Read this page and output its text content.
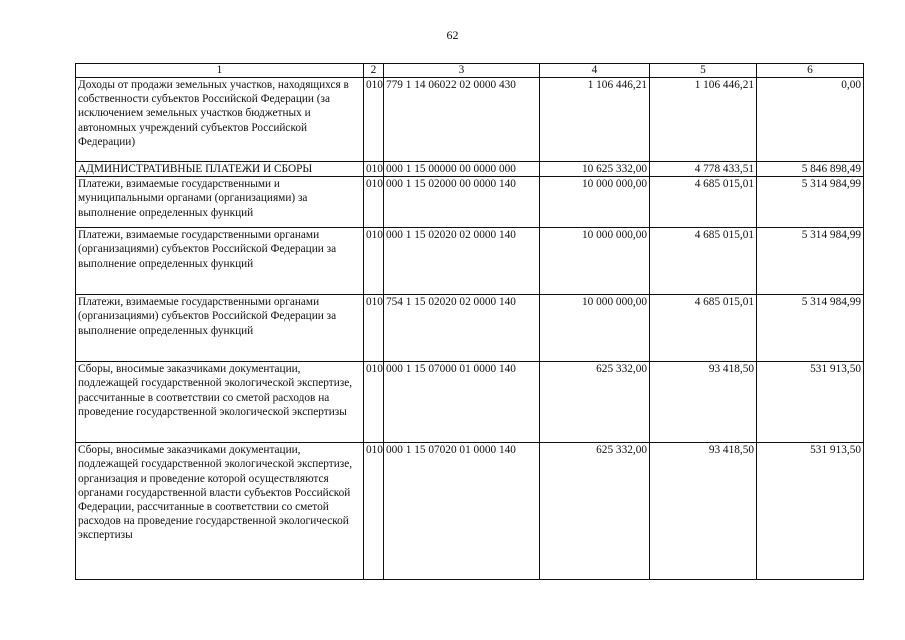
62
1	2	3	4	5	6
Доходы от продажи земельных участков, находящихся в собственности субъектов Российской Федерации (за исключением земельных участков бюджетных и автономных учреждений субъектов Российской Федерации)	010	779 1 14 06022 02 0000 430	1 106 446,21	1 106 446,21	0,00
АДМИНИСТРАТИВНЫЕ ПЛАТЕЖИ И СБОРЫ	010	000 1 15 00000 00 0000 000	10 625 332,00	4 778 433,51	5 846 898,49
Платежи, взимаемые государственными и муниципальными органами (организациями) за выполнение определенных функций	010	000 1 15 02000 00 0000 140	10 000 000,00	4 685 015,01	5 314 984,99
Платежи, взимаемые государственными органами (организациями) субъектов Российской Федерации за выполнение определенных функций	010	000 1 15 02020 02 0000 140	10 000 000,00	4 685 015,01	5 314 984,99
Платежи, взимаемые государственными органами (организациями) субъектов Российской Федерации за выполнение определенных функций	010	754 1 15 02020 02 0000 140	10 000 000,00	4 685 015,01	5 314 984,99
Сборы, вносимые заказчиками документации, подлежащей государственной экологической экспертизе, рассчитанные в соответствии со сметой расходов на проведение государственной экологической экспертизы	010	000 1 15 07000 01 0000 140	625 332,00	93 418,50	531 913,50
Сборы, вносимые заказчиками документации, подлежащей государственной экологической экспертизе, организация и проведение которой осуществляются органами государственной власти субъектов Российской Федерации, рассчитанные в соответствии со сметой расходов на проведение государственной экологической экспертизы	010	000 1 15 07020 01 0000 140	625 332,00	93 418,50	531 913,50
